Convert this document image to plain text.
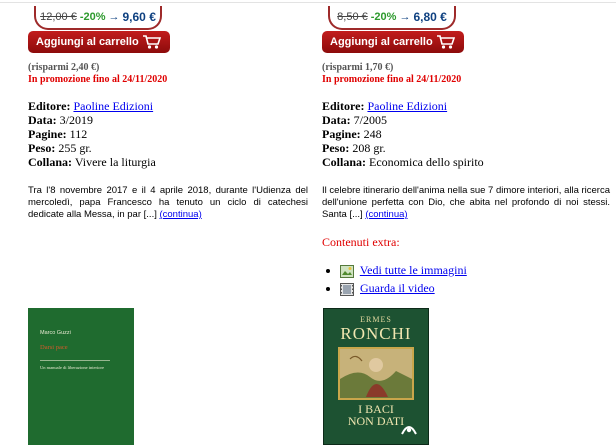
12,00 € -20% → 9,60 €
Aggiungi al carrello
(risparmi 2,40 €)
In promozione fino al 24/11/2020
Editore: Paoline Edizioni
Data: 3/2019
Pagine: 112
Peso: 255 gr.
Collana: Vivere la liturgia
Tra l'8 novembre 2017 e il 4 aprile 2018, durante l'Udienza del mercoledì, papa Francesco ha tenuto un ciclo di catechesi dedicate alla Messa, in par [...] (continua)
8,50 € -20% → 6,80 €
Aggiungi al carrello
(risparmi 1,70 €)
In promozione fino al 24/11/2020
Editore: Paoline Edizioni
Data: 7/2005
Pagine: 248
Peso: 208 gr.
Collana: Economica dello spirito
Il celebre itinerario dell'anima nella sue 7 dimore interiori, alla ricerca dell'unione perfetta con Dio, che abita nel profondo di noi stessi. Santa [...] (continua)
Contenuti extra:
• Vedi tutte le immagini
• Guarda il video
Marco Guzzi
Darsi pace
Un manuale di liberazione interiore
ERMES
RONCHI
I BACI
NON DATI
